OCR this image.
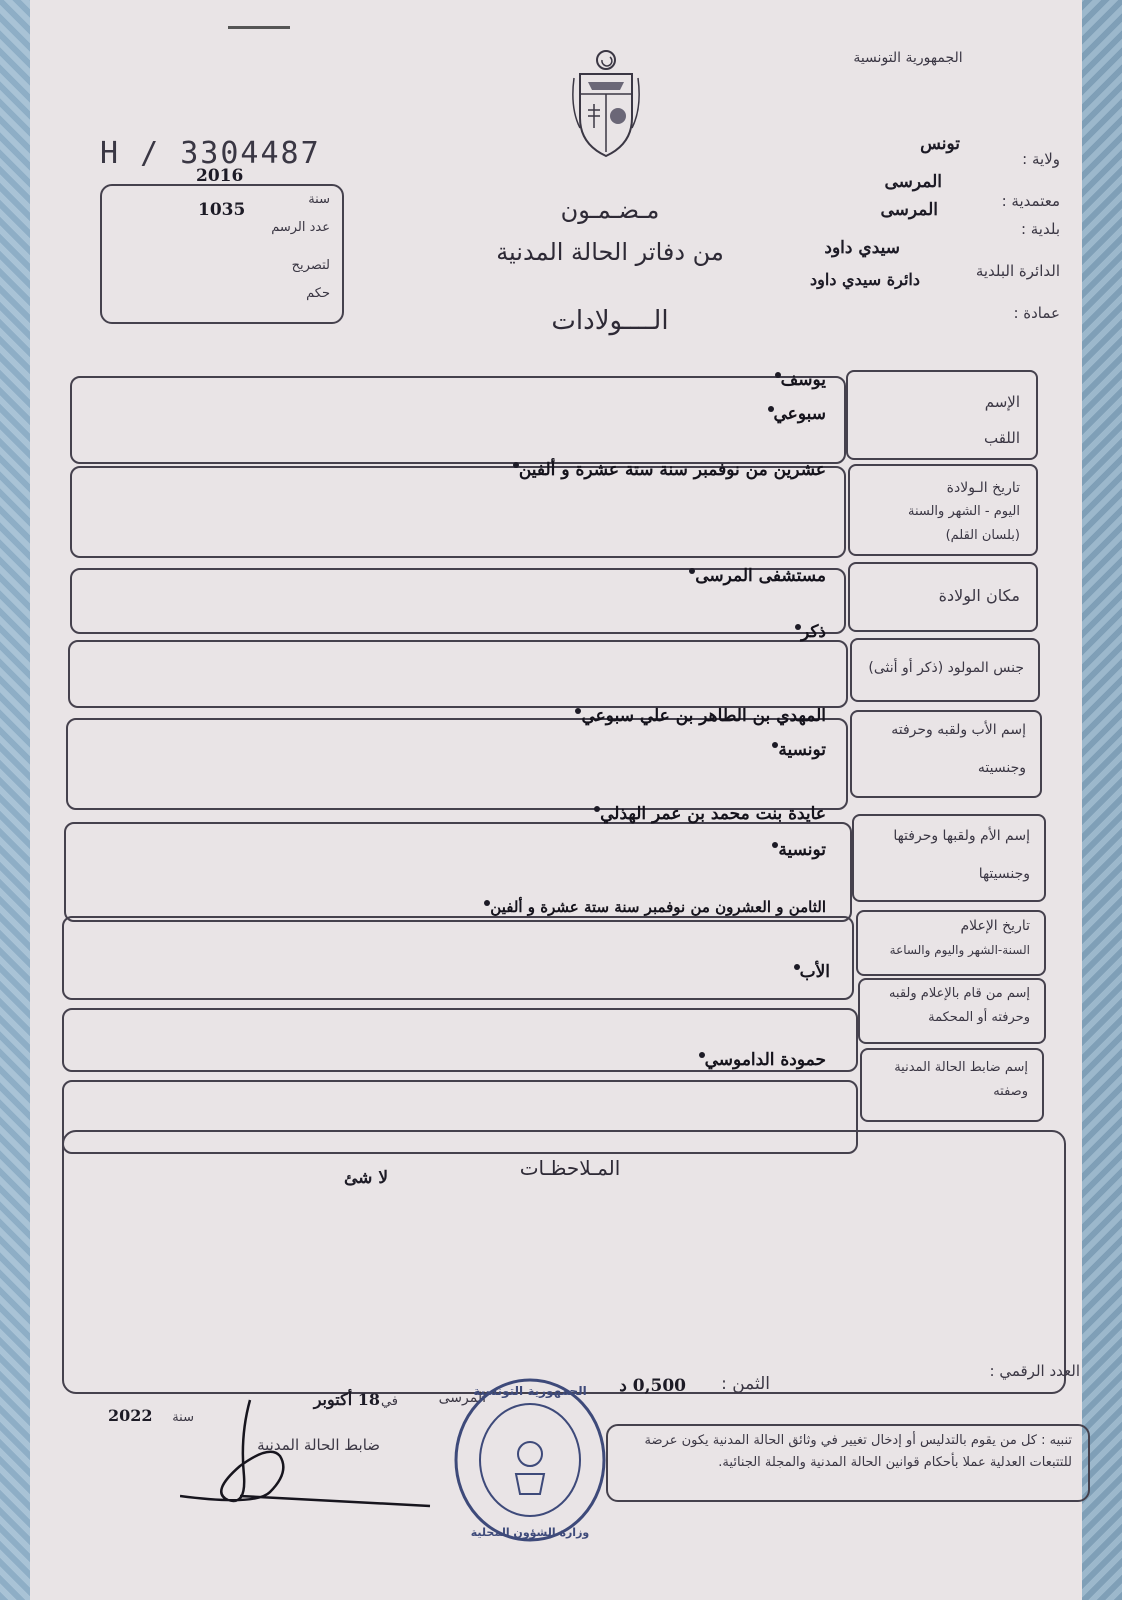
الجمهورية التونسية
H / 3304487
2016
سنة
1035
عدد الرسم
لتصريح
حكم
مـضـمـون
من دفاتر الحالة المدنية
الــــولادات
ولاية :
تونس
معتمدية :
المرسى
بلدية :
المرسى
الدائرة البلدية
سيدي داود
دائرة سيدي داود
عمادة :
الإسم
اللقب
يوسف
سبوعي
تاريخ الـولادة
اليوم - الشهر والسنة
(بلسان القلم)
عشرين من نوفمبر سنة ستة عشرة و ألفين
مكان الولادة
مستشفى المرسى
جنس المولود (ذكر أو أنثى)
ذكر
إسم الأب ولقبه وحرفته
وجنسيته
المهدي بن الطاهر بن علي سبوعي
تونسية
إسم الأم ولقبها وحرفتها
وجنسيتها
عايدة بنت محمد بن عمر الهذلي
تونسية
تاريخ الإعلام
السنة-الشهر واليوم والساعة
الثامن و العشرون من نوفمبر سنة ستة عشرة و ألفين
إسم من قام بالإعلام ولقبه
وحرفته أو المحكمة
الأب
إسم ضابط الحالة المدنية
وصفته
حمودة الداموسي
المـلاحظـات
لا شئ
العدد الرقمي :
الثمن :
0,500 د
المرسى
في
18 أكتوبر
سنة
2022
ضابط الحالة المدنية
الجمهورية التونسية
وزارة الشؤون المحلية
تنبيه : كل من يقوم بالتدليس أو إدخال تغيير في وثائق الحالة المدنية يكون عرضة للتتبعات العدلية عملا بأحكام قوانين الحالة المدنية والمجلة الجنائية.
